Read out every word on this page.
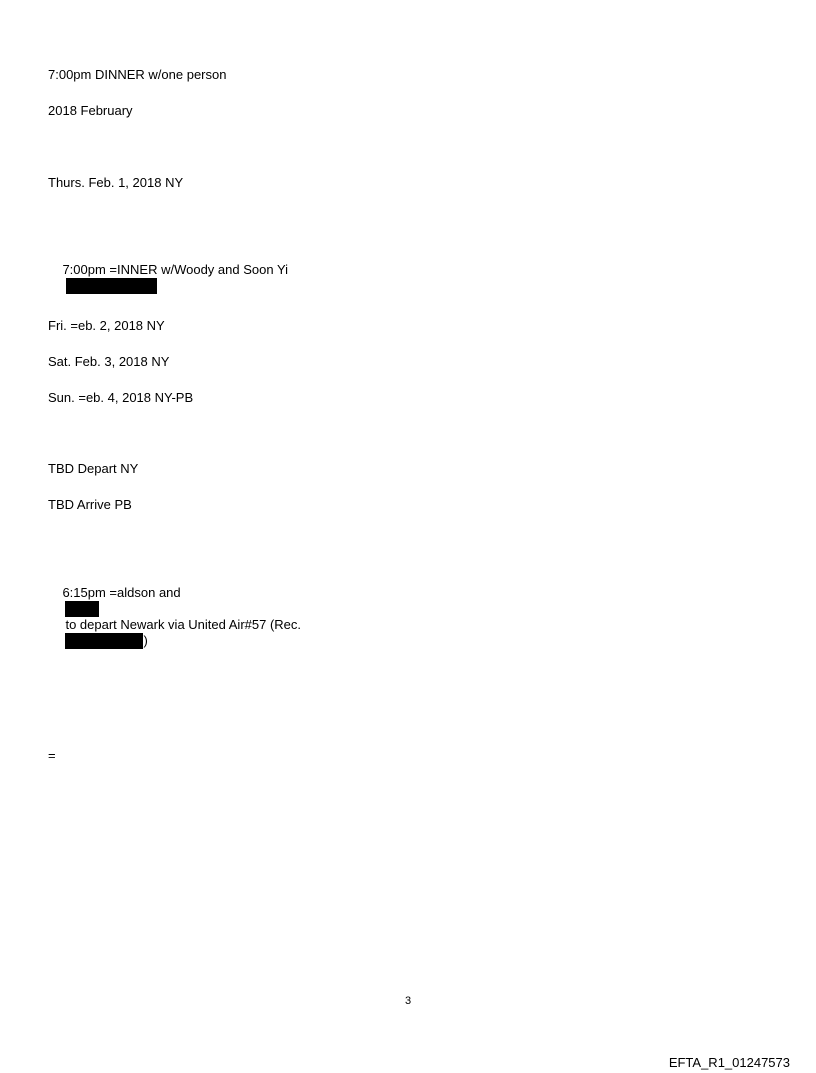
7:00pm DINNER w/one person
2018 February
Thurs. Feb. 1, 2018 NY

7:00pm =INNER w/Woody and Soon Yi

Fri. =eb. 2, 2018 NY
Sat. Feb. 3, 2018 NY
Sun. =eb. 4, 2018 NY-PB
TBD Depart NY
TBD Arrive PB

6:15pm =aldson and

to depart Newark via United Air#57 (Rec.
)

=
3
EFTA_R1_01247573
